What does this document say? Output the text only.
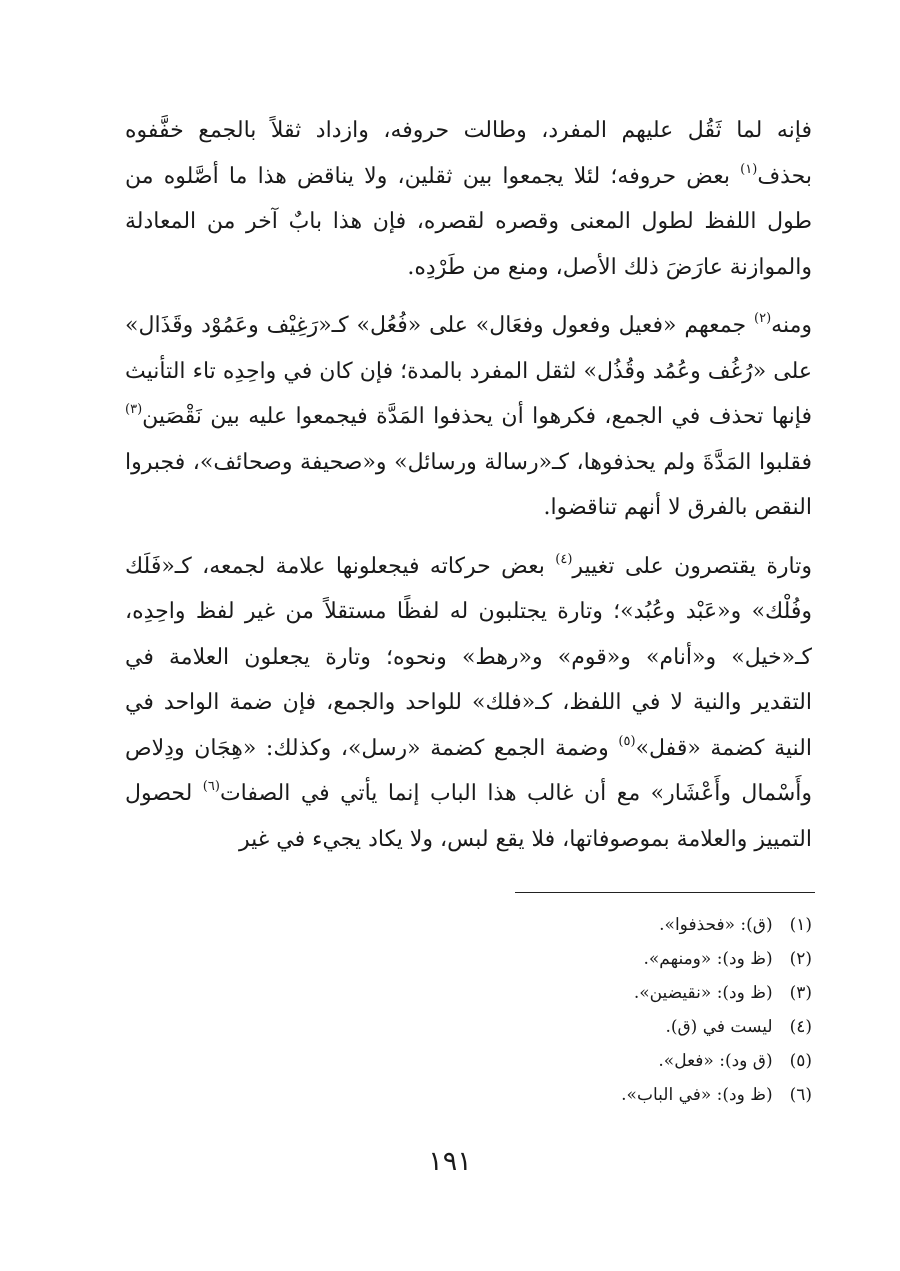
فإنه لما ثَقُل عليهم المفرد، وطالت حروفه، وازداد ثقلاً بالجمع خفَّفوه بحذف$^{(١)}$ بعض حروفه؛ لئلا يجمعوا بين ثقلين، ولا يناقض هذا ما أصَّلوه من طول اللفظ لطول المعنى وقصره لقصره، فإن هذا بابٌ آخر من المعادلة والموازنة عارَضَ ذلك الأصل، ومنع من طَرْدِه.

ومنه$^{(٢)}$ جمعهم «فعيل وفعول وفعَال» على «فُعُل» كـ«رَغِيْف وعَمُوْد وقَذَال» على «رُغُف وعُمُد وقُذُل» لثقل المفرد بالمدة؛ فإن كان في واحِدِه تاء التأنيث فإنها تحذف في الجمع، فكرهوا أن يحذفوا المَدَّة فيجمعوا عليه بين نَقْصَين$^{(٣)}$ فقلبوا المَدَّةَ ولم يحذفوها، كـ«رسالة ورسائل» و«صحيفة وصحائف»، فجبروا النقص بالفرق لا أنهم تناقضوا.

وتارة يقتصرون على تغيير$^{(٤)}$ بعض حركاته فيجعلونها علامة لجمعه، كـ«فَلَك وفُلْك» و«عَبْد وعُبُد»؛ وتارة يجتلبون له لفظًا مستقلاً من غير لفظ واحِدِه، كـ«خيل» و«أنام» و«قوم» و«رهط» ونحوه؛ وتارة يجعلون العلامة في التقدير والنية لا في اللفظ، كـ«فلك» للواحد والجمع، فإن ضمة الواحد في النية كضمة «قفل»$^{(٥)}$ وضمة الجمع كضمة «رسل»، وكذلك: «هِجَان ودِلاص وأَسْمال وأَعْشَار» مع أن غالب هذا الباب إنما يأتي في الصفات$^{(٦)}$ لحصول التمييز والعلامة بموصوفاتها، فلا يقع لبس، ولا يكاد يجيء في غير

(١) (ق): «فحذفوا».
(٢) (ظ ود): «ومنهم».
(٣) (ظ ود): «نقيضين».
(٤) ليست في (ق).
(٥) (ق ود): «فعل».
(٦) (ظ ود): «في الباب».
١٩١
